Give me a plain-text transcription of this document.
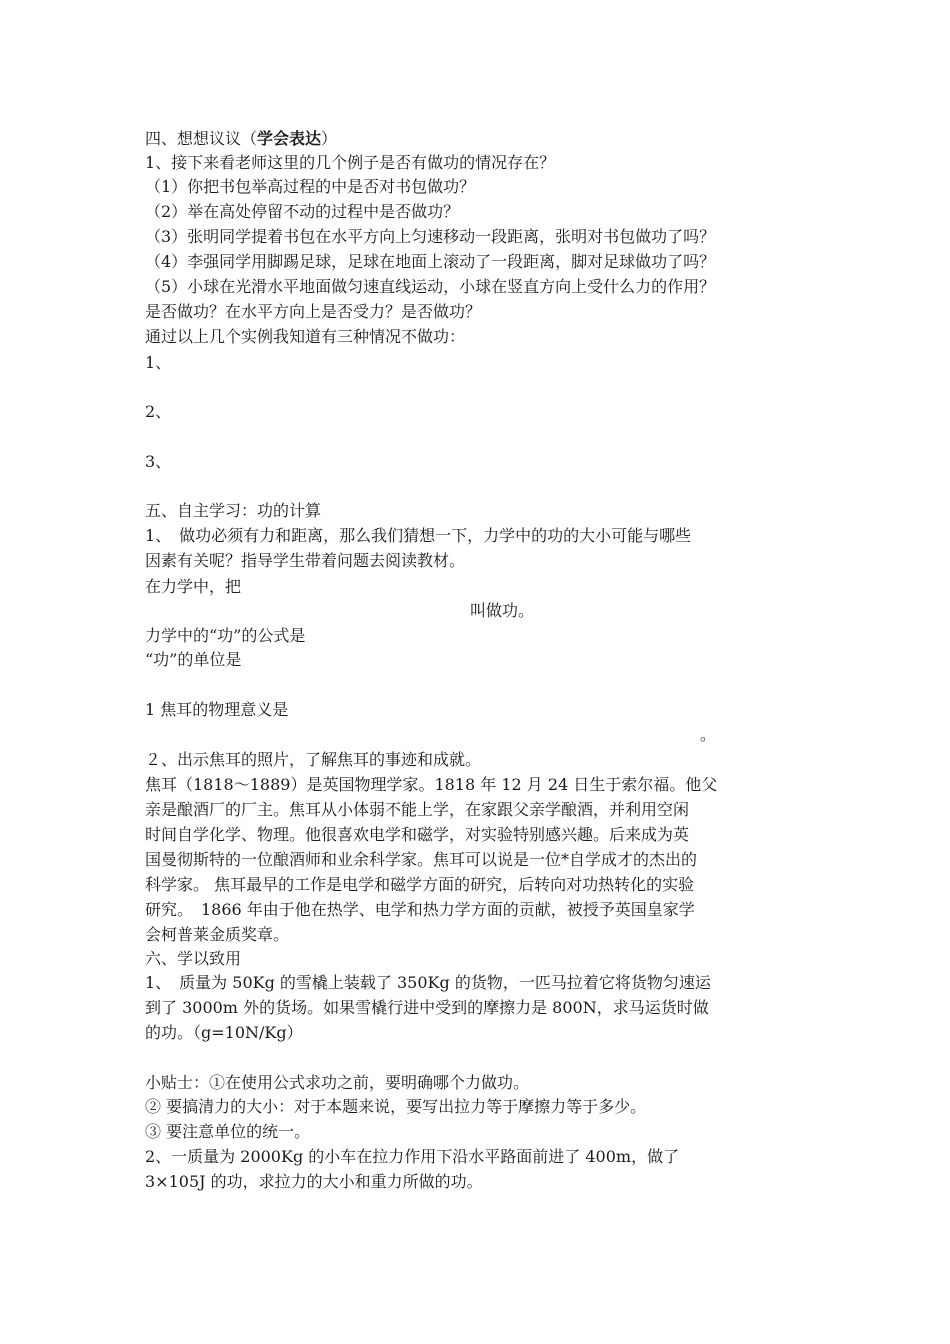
四、想想议议（学会表达）
1、接下来看老师这里的几个例子是否有做功的情况存在？
（1）你把书包举高过程的中是否对书包做功？
（2）举在高处停留不动的过程中是否做功？
（3）张明同学提着书包在水平方向上匀速移动一段距离，张明对书包做功了吗？
（4）李强同学用脚踢足球，足球在地面上滚动了一段距离，脚对足球做功了吗？
（5）小球在光滑水平地面做匀速直线运动，小球在竖直方向上受什么力的作用？
是否做功？在水平方向上是否受力？是否做功？
通过以上几个实例我知道有三种情况不做功：
1、
2、
3、
五、自主学习：功的计算
1、　做功必须有力和距离，那么我们猜想一下，力学中的功的大小可能与哪些
因素有关呢？指导学生带着问题去阅读教材。
在力学中，把
叫做功。
力学中的“功”的公式是
“功”的单位是
1 焦耳的物理意义是
。
２、出示焦耳的照片，了解焦耳的事迹和成就。
焦耳（1818～1889）是英国物理学家。1818 年 12 月 24 日生于索尔福。他父
亲是酿酒厂的厂主。焦耳从小体弱不能上学，在家跟父亲学酿酒，并利用空闲
时间自学化学、物理。他很喜欢电学和磁学，对实验特别感兴趣。后来成为英
国曼彻斯特的一位酿酒师和业余科学家。焦耳可以说是一位*自学成才的杰出的
科学家。 焦耳最早的工作是电学和磁学方面的研究，后转向对功热转化的实验
研究。　1866 年由于他在热学、电学和热力学方面的贡献，被授予英国皇家学
会柯普莱金质奖章。
六、学以致用
1、　质量为 50Kg 的雪橇上装载了 350Kg 的货物，一匹马拉着它将货物匀速运
到了 3000m 外的货场。如果雪橇行进中受到的摩擦力是 800N，求马运货时做
的功。（g=10N/Kg）
小贴士：①在使用公式求功之前，要明确哪个力做功。
② 要搞清力的大小：对于本题来说，要写出拉力等于摩擦力等于多少。
③ 要注意单位的统一。
2、一质量为 2000Kg 的小车在拉力作用下沿水平路面前进了 400m，做了
3×105J 的功，求拉力的大小和重力所做的功。
